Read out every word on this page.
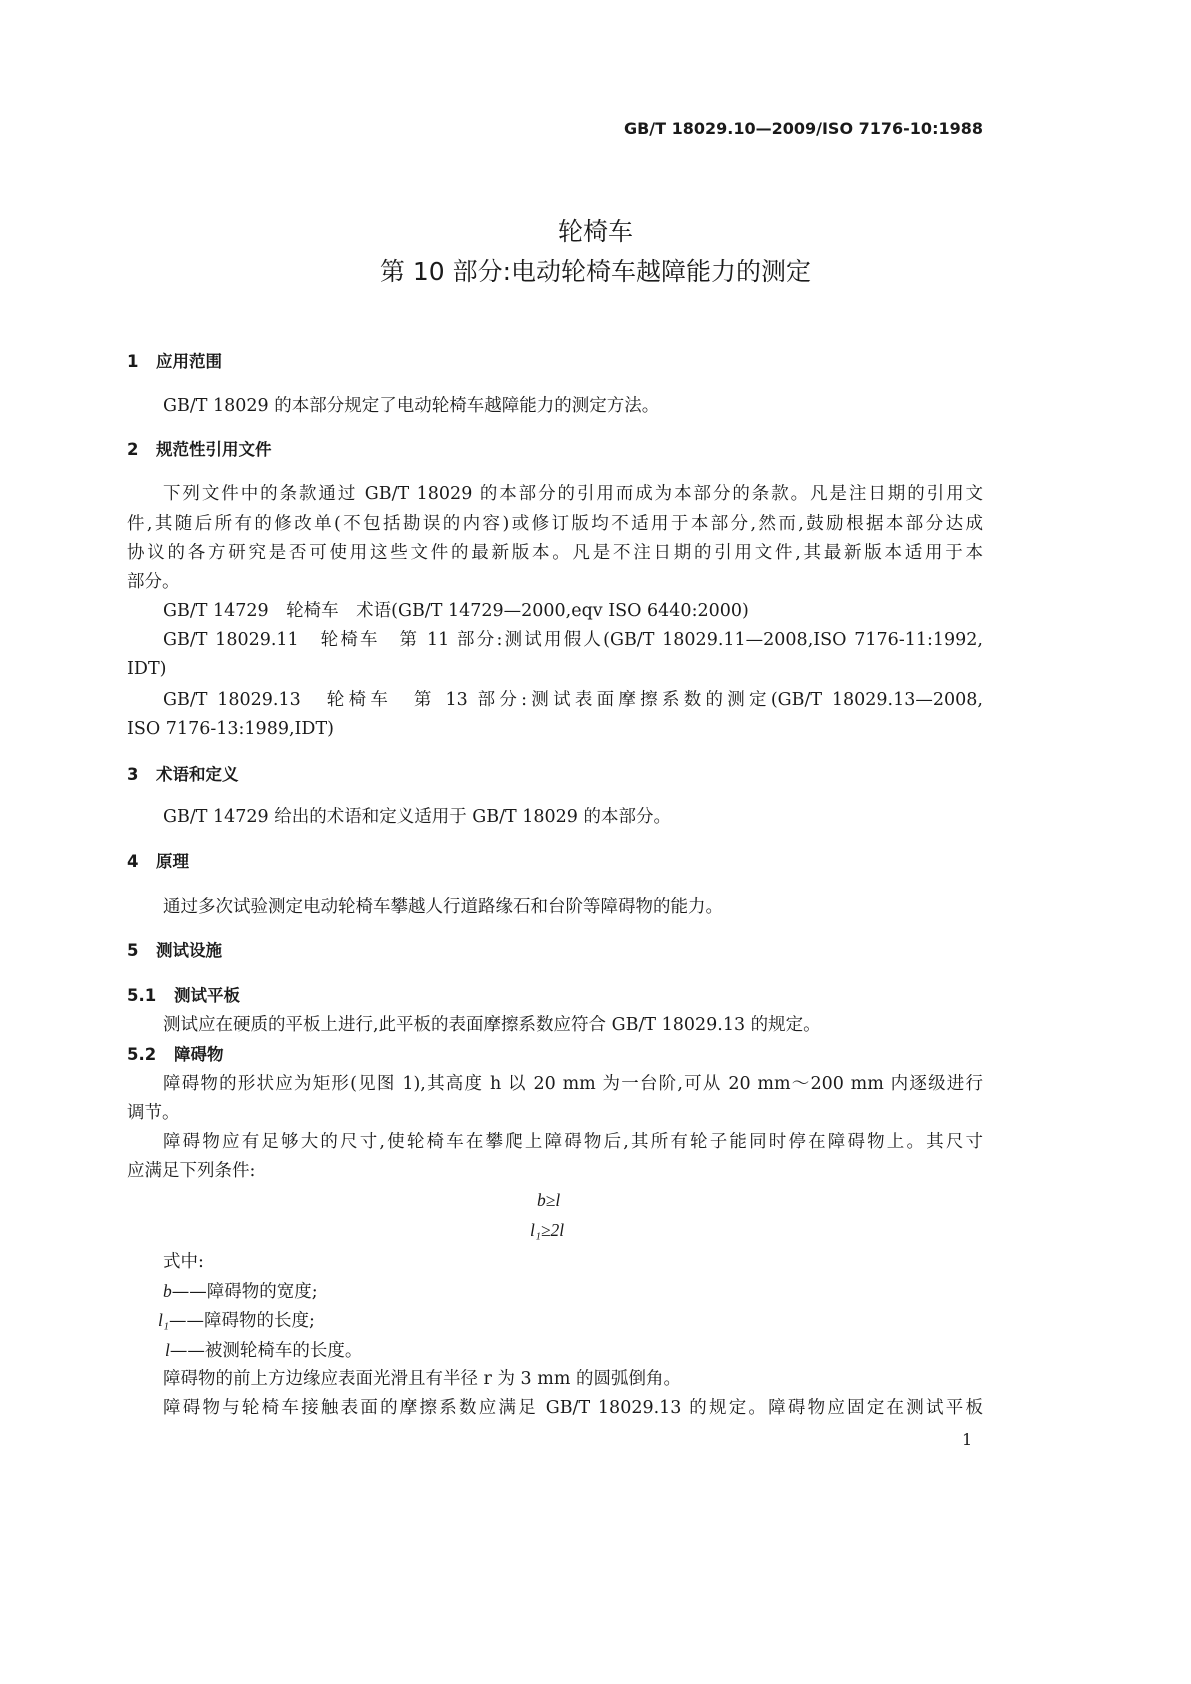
GB/T 18029.10—2009/ISO 7176-10:1988
轮椅车
第 10 部分:电动轮椅车越障能力的测定
1 应用范围
GB/T 18029 的本部分规定了电动轮椅车越障能力的测定方法。
2 规范性引用文件
下列文件中的条款通过 GB/T 18029 的本部分的引用而成为本部分的条款。凡是注日期的引用文
件,其随后所有的修改单(不包括勘误的内容)或修订版均不适用于本部分,然而,鼓励根据本部分达成
协议的各方研究是否可使用这些文件的最新版本。凡是不注日期的引用文件,其最新版本适用于本
部分。
GB/T 14729　轮椅车　术语(GB/T 14729—2000,eqv ISO 6440:2000)
GB/T 18029.11　轮椅车　第 11 部分:测试用假人(GB/T 18029.11—2008,ISO 7176-11:1992,
IDT)
GB/T 18029.13　轮椅车　第 13 部分:测试表面摩擦系数的测定(GB/T 18029.13—2008,
ISO 7176-13:1989,IDT)
3 术语和定义
GB/T 14729 给出的术语和定义适用于 GB/T 18029 的本部分。
4 原理
通过多次试验测定电动轮椅车攀越人行道路缘石和台阶等障碍物的能力。
5 测试设施
5.1 测试平板
测试应在硬质的平板上进行,此平板的表面摩擦系数应符合 GB/T 18029.13 的规定。
5.2 障碍物
障碍物的形状应为矩形(见图 1),其高度 h 以 20 mm 为一台阶,可从 20 mm～200 mm 内逐级进行
调节。
障碍物应有足够大的尺寸,使轮椅车在攀爬上障碍物后,其所有轮子能同时停在障碍物上。其尺寸
应满足下列条件:
b≥l
l₁≥2l
式中:
b——障碍物的宽度;
l₁——障碍物的长度;
l——被测轮椅车的长度。
障碍物的前上方边缘应表面光滑且有半径 r 为 3 mm 的圆弧倒角。
障碍物与轮椅车接触表面的摩擦系数应满足 GB/T 18029.13 的规定。障碍物应固定在测试平板
1
